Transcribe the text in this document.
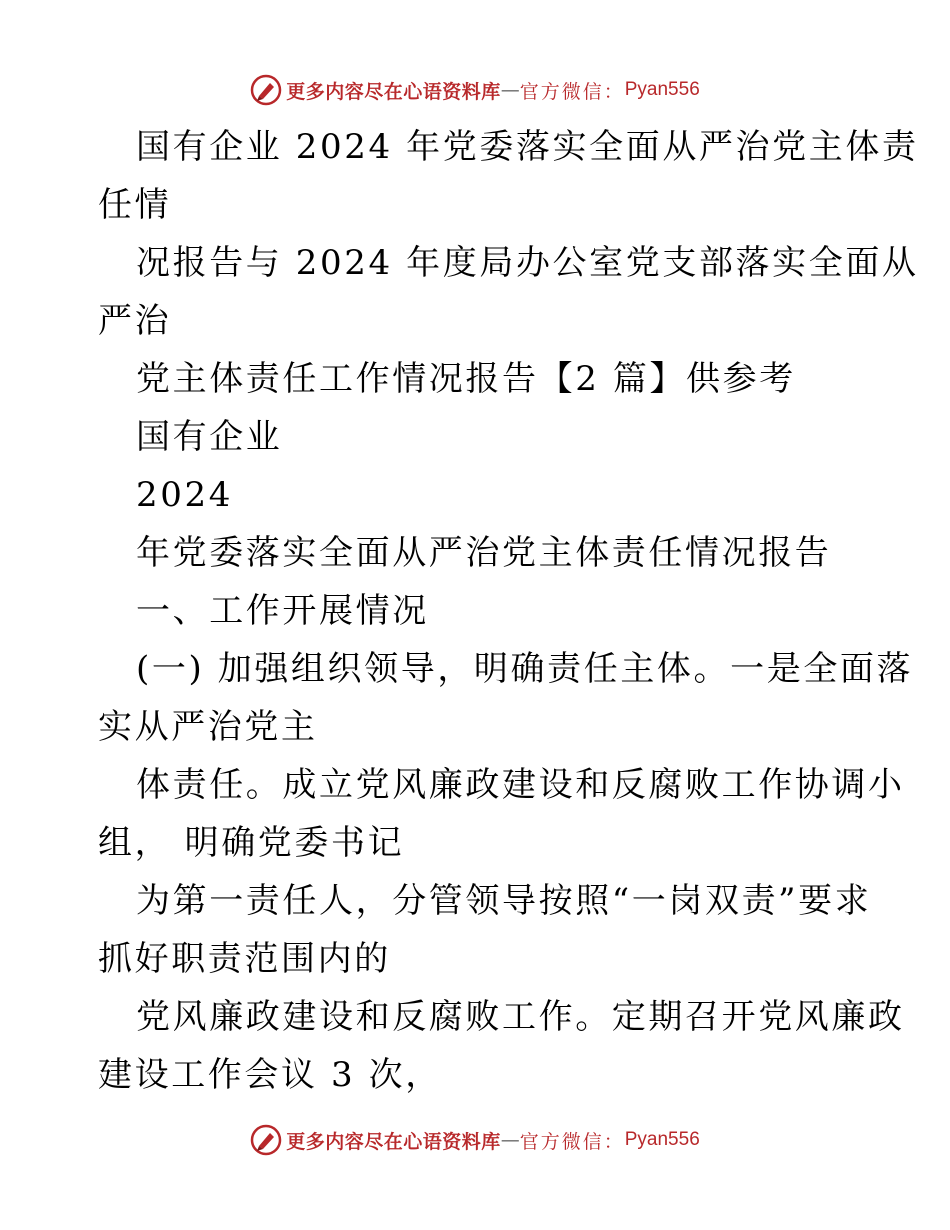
更多内容尽在心语资料库 — 官方微信： Pyan556

国有企业 2024 年党委落实全面从严治党主体责

任情

况报告与 2024 年度局办公室党支部落实全面从

严治

党主体责任工作情况报告【2 篇】供参考

国有企业

2024

年党委落实全面从严治党主体责任情况报告

一、工作开展情况

(一) 加强组织领导，明确责任主体。一是全面落

实从严治党主

体责任。成立党风廉政建设和反腐败工作协调小

组， 明确党委书记

为第一责任人，分管领导按照“一岗双责”要求

抓好职责范围内的

党风廉政建设和反腐败工作。定期召开党风廉政

建设工作会议 3 次，

更多内容尽在心语资料库 — 官方微信： Pyan556
